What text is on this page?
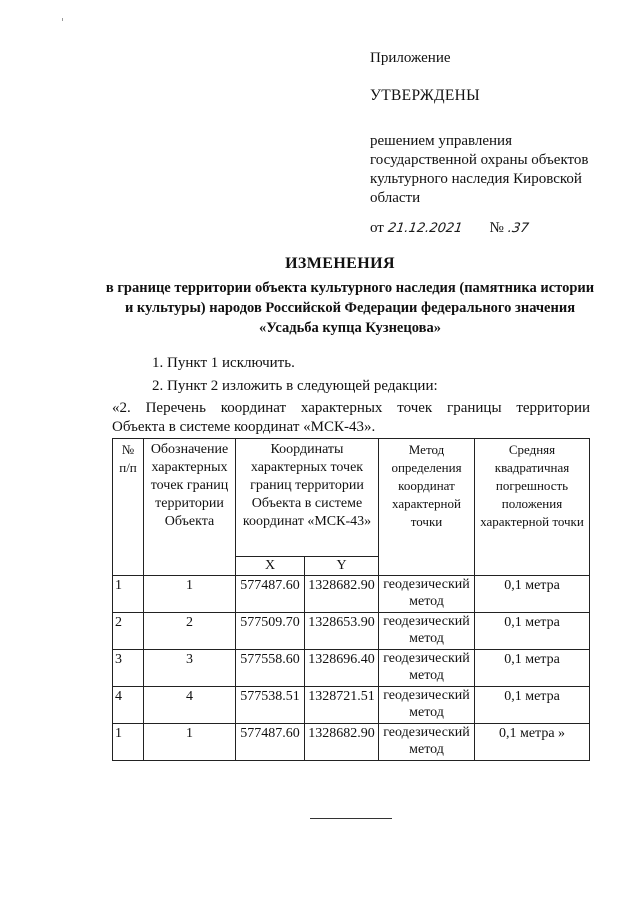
Приложение
УТВЕРЖДЕНЫ
решением управления государственной охраны объектов культурного наследия Кировской области
от 21.12.2021 № .37
ИЗМЕНЕНИЯ
в границе территории объекта культурного наследия (памятника истории и культуры) народов Российской Федерации федерального значения «Усадьба купца Кузнецова»
1. Пункт 1 исключить.
2. Пункт 2 изложить в следующей редакции:
«2. Перечень координат характерных точек границы территории
Объекта в системе координат «МСК-43».
№ п/п	Обозначение характерных точек границ территории Объекта	Координаты характерных точек границ территории Объекта в системе координат «МСК-43»		Метод определения координат характерной точки	Средняя квадратичная погрешность положения характерной точки
		X	Y		
1	1	577487.60	1328682.90	геодезический метод	0,1 метра
2	2	577509.70	1328653.90	геодезический метод	0,1 метра
3	3	577558.60	1328696.40	геодезический метод	0,1 метра
4	4	577538.51	1328721.51	геодезический метод	0,1 метра
1	1	577487.60	1328682.90	геодезический метод	0,1 метра »
